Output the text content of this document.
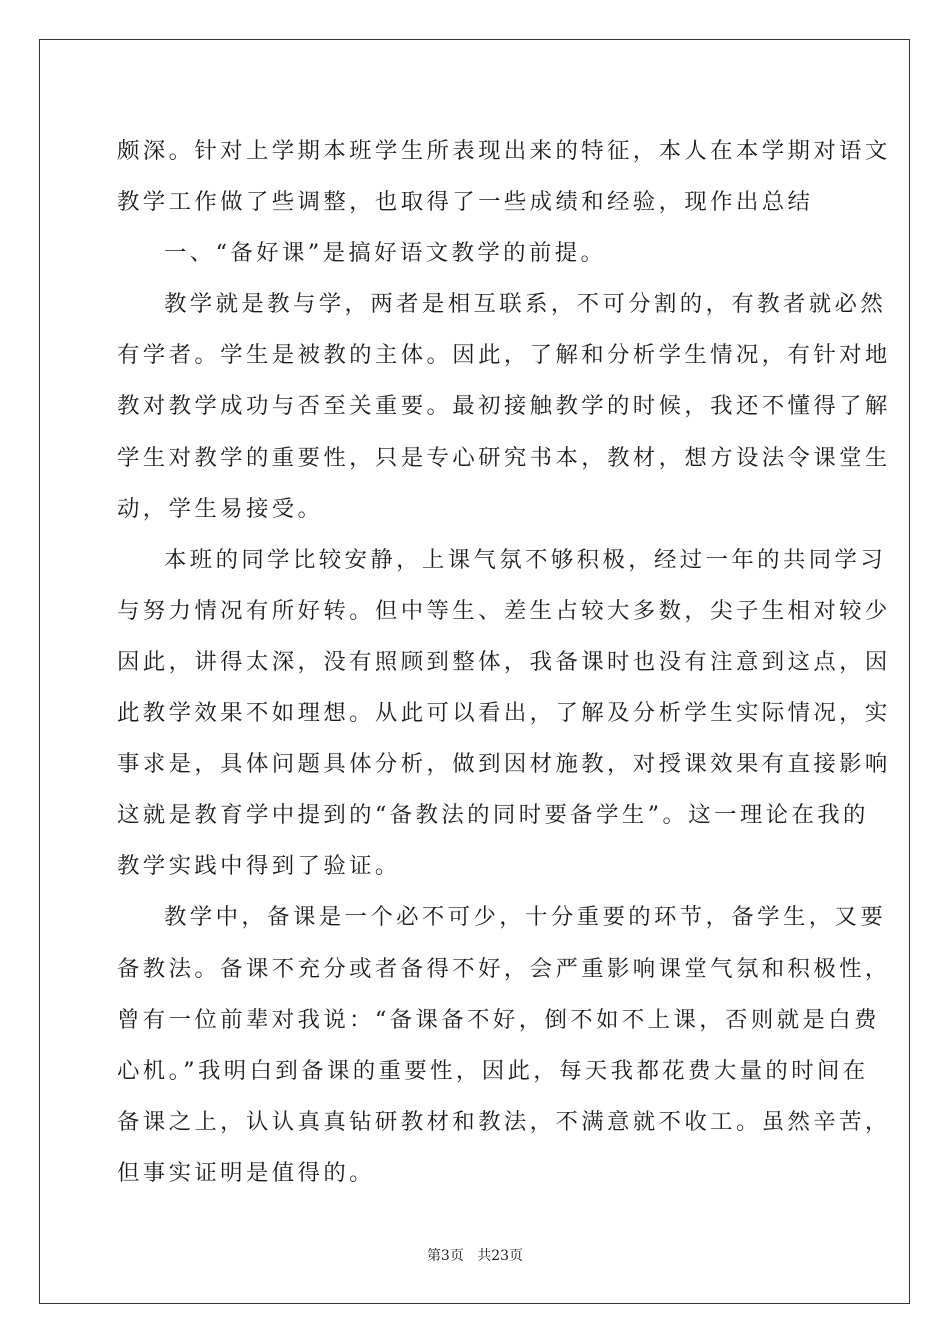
颇深。针对上学期本班学生所表现出来的特征，本人在本学期对语文
教学工作做了些调整，也取得了一些成绩和经验，现作出总结
一、“备好课”是搞好语文教学的前提。
教学就是教与学，两者是相互联系，不可分割的，有教者就必然
有学者。学生是被教的主体。因此，了解和分析学生情况，有针对地
教对教学成功与否至关重要。最初接触教学的时候，我还不懂得了解
学生对教学的重要性，只是专心研究书本，教材，想方设法令课堂生
动，学生易接受。
本班的同学比较安静，上课气氛不够积极，经过一年的共同学习
与努力情况有所好转。但中等生、差生占较大多数，尖子生相对较少
因此，讲得太深，没有照顾到整体，我备课时也没有注意到这点，因
此教学效果不如理想。从此可以看出，了解及分析学生实际情况，实
事求是，具体问题具体分析，做到因材施教，对授课效果有直接影响
这就是教育学中提到的“备教法的同时要备学生”。这一理论在我的
教学实践中得到了验证。
教学中，备课是一个必不可少，十分重要的环节，备学生，又要
备教法。备课不充分或者备得不好，会严重影响课堂气氛和积极性，
曾有一位前辈对我说：“备课备不好，倒不如不上课，否则就是白费
心机。”我明白到备课的重要性，因此，每天我都花费大量的时间在
备课之上，认认真真钻研教材和教法，不满意就不收工。虽然辛苦，
但事实证明是值得的。
第3页 共23页
